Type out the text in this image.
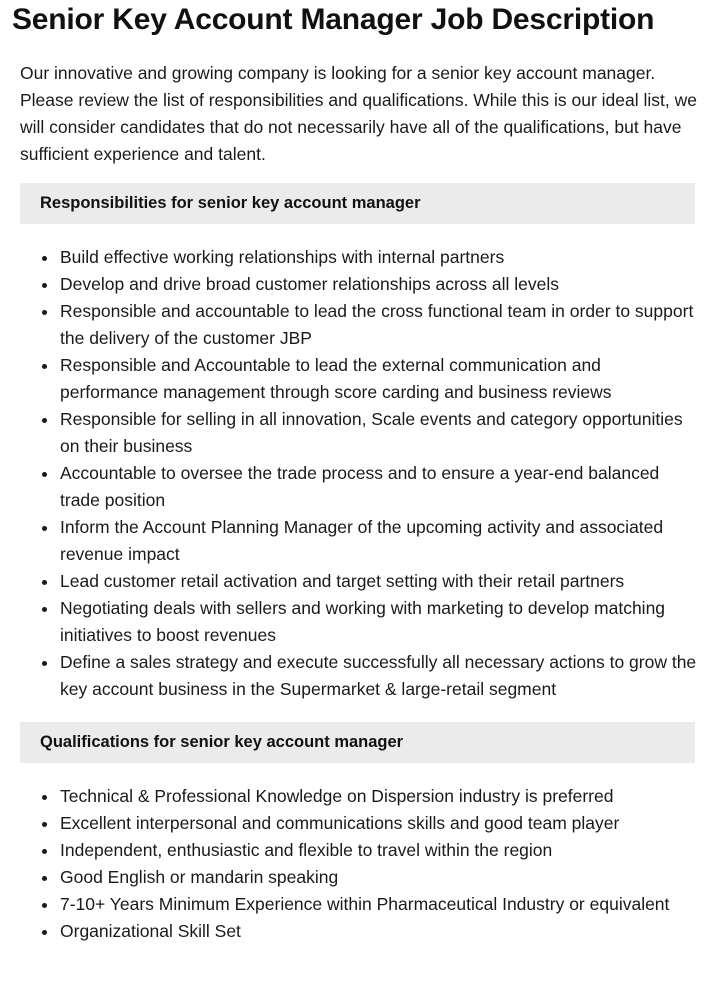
Senior Key Account Manager Job Description

Our innovative and growing company is looking for a senior key account manager. Please review the list of responsibilities and qualifications. While this is our ideal list, we will consider candidates that do not necessarily have all of the qualifications, but have sufficient experience and talent.

Responsibilities for senior key account manager
Build effective working relationships with internal partners
Develop and drive broad customer relationships across all levels
Responsible and accountable to lead the cross functional team in order to support the delivery of the customer JBP
Responsible and Accountable to lead the external communication and performance management through score carding and business reviews
Responsible for selling in all innovation, Scale events and category opportunities on their business
Accountable to oversee the trade process and to ensure a year-end balanced trade position
Inform the Account Planning Manager of the upcoming activity and associated revenue impact
Lead customer retail activation and target setting with their retail partners
Negotiating deals with sellers and working with marketing to develop matching initiatives to boost revenues
Define a sales strategy and execute successfully all necessary actions to grow the key account business in the Supermarket & large-retail segment
Qualifications for senior key account manager
Technical & Professional Knowledge on Dispersion industry is preferred
Excellent interpersonal and communications skills and good team player
Independent, enthusiastic and flexible to travel within the region
Good English or mandarin speaking
7-10+ Years Minimum Experience within Pharmaceutical Industry or equivalent
Organizational Skill Set
